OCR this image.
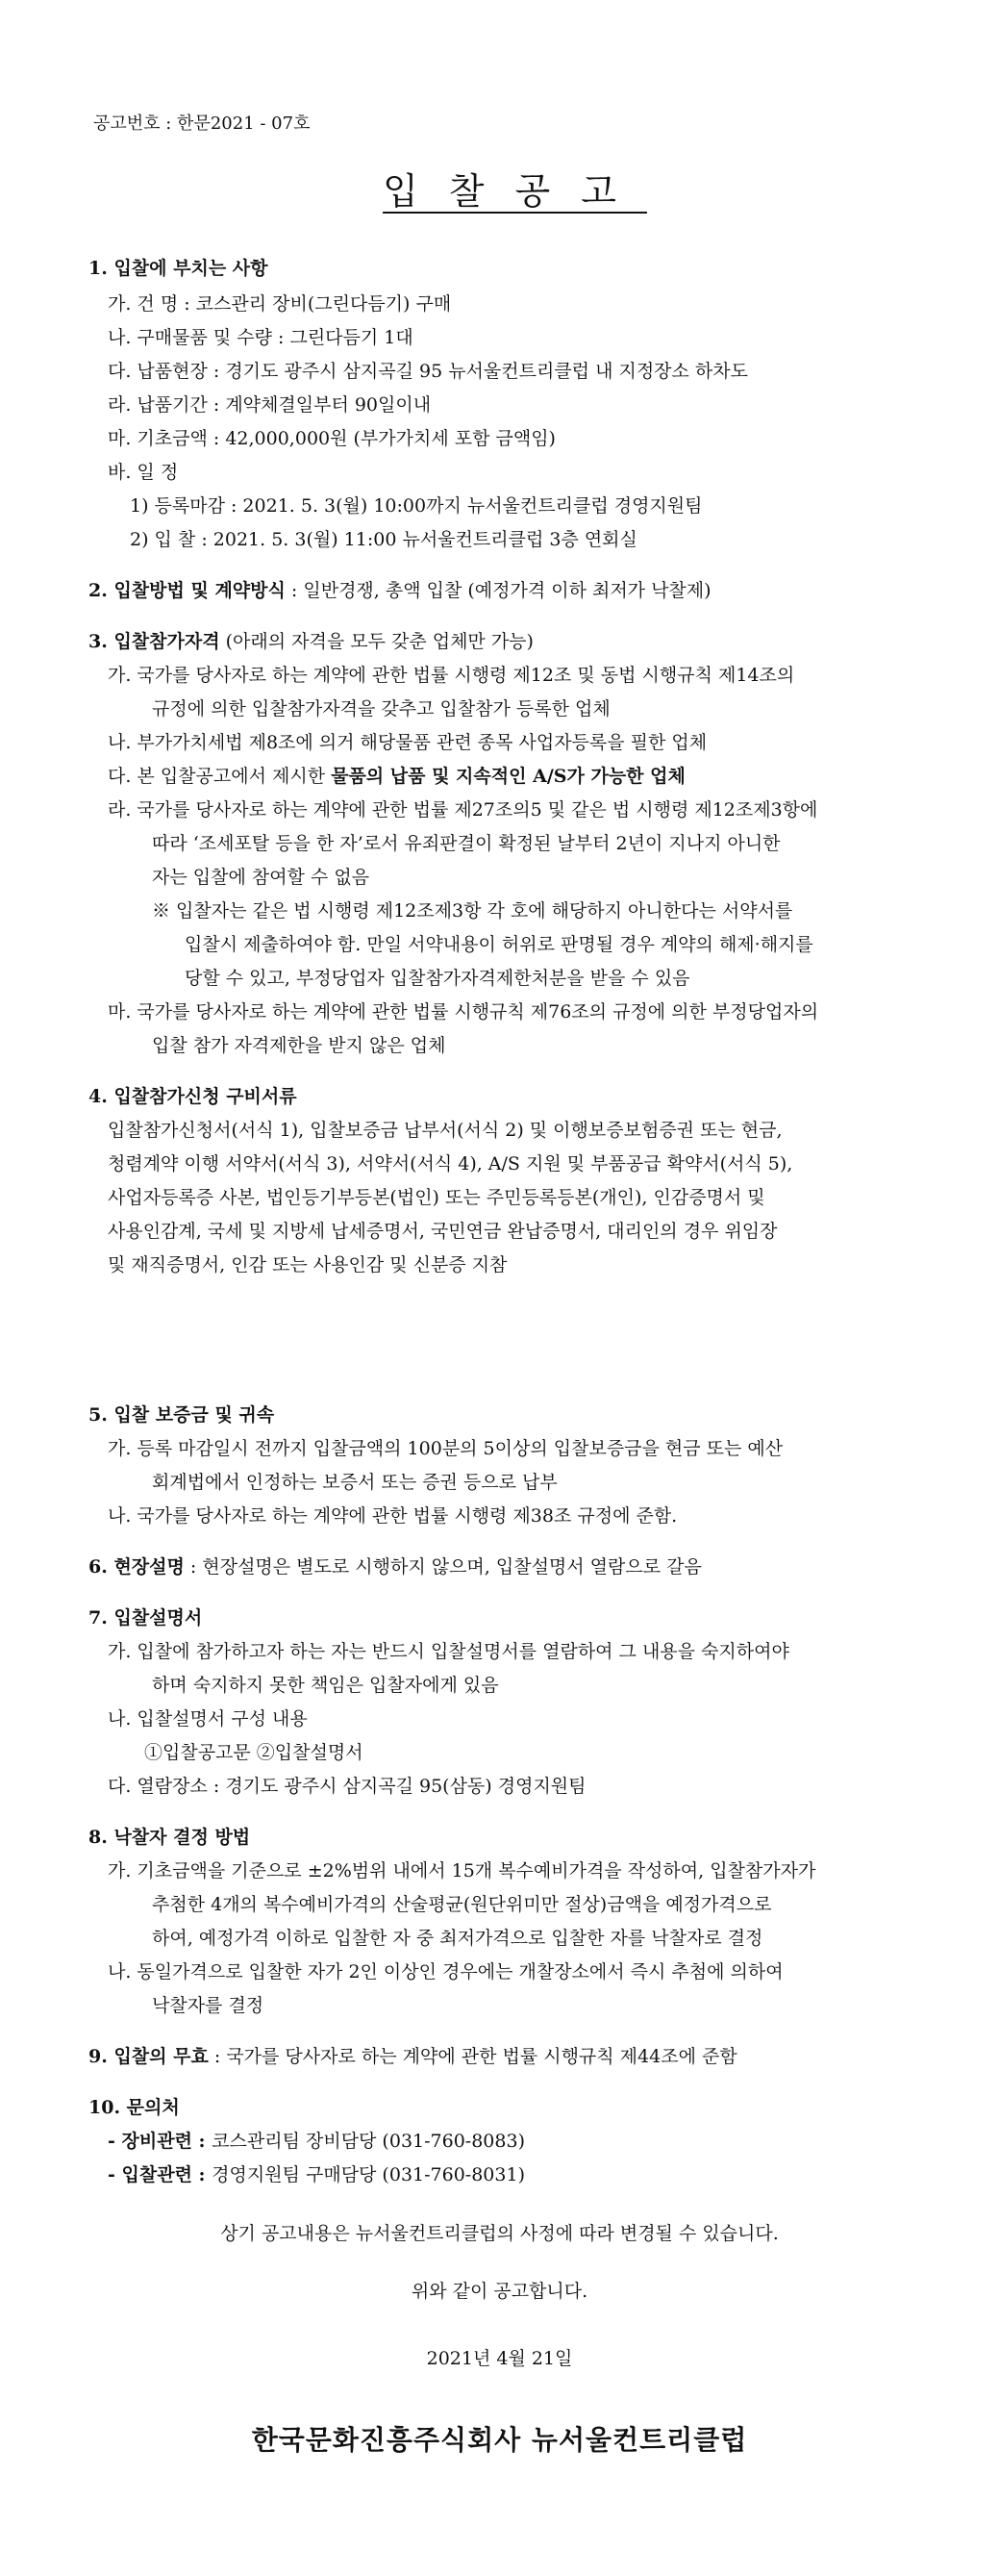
공고번호 : 한문2021 - 07호
입찰공고
1. 입찰에 부치는 사항
가. 건 명 : 코스관리 장비(그린다듬기) 구매
나. 구매물품 및 수량 : 그린다듬기 1대
다. 납품현장 : 경기도 광주시 삼지곡길 95 뉴서울컨트리클럽 내 지정장소 하차도
라. 납품기간 : 계약체결일부터 90일이내
마. 기초금액 : 42,000,000원 (부가가치세 포함 금액임)
바. 일 정
1) 등록마감 : 2021. 5. 3(월) 10:00까지 뉴서울컨트리클럽 경영지원팀
2) 입 찰 : 2021. 5. 3(월) 11:00 뉴서울컨트리클럽 3층 연회실
2. 입찰방법 및 계약방식 : 일반경쟁, 총액 입찰 (예정가격 이하 최저가 낙찰제)
3. 입찰참가자격 (아래의 자격을 모두 갖춘 업체만 가능)
가. 국가를 당사자로 하는 계약에 관한 법률 시행령 제12조 및 동법 시행규칙 제14조의
규정에 의한 입찰참가자격을 갖추고 입찰참가 등록한 업체
나. 부가가치세법 제8조에 의거 해당물품 관련 종목 사업자등록을 필한 업체
다. 본 입찰공고에서 제시한 물품의 납품 및 지속적인 A/S가 가능한 업체
라. 국가를 당사자로 하는 계약에 관한 법률 제27조의5 및 같은 법 시행령 제12조제3항에
따라 ‘조세포탈 등을 한 자’로서 유죄판결이 확정된 날부터 2년이 지나지 아니한
자는 입찰에 참여할 수 없음
※ 입찰자는 같은 법 시행령 제12조제3항 각 호에 해당하지 아니한다는 서약서를
입찰시 제출하여야 함. 만일 서약내용이 허위로 판명될 경우 계약의 해제·해지를
당할 수 있고, 부정당업자 입찰참가자격제한처분을 받을 수 있음
마. 국가를 당사자로 하는 계약에 관한 법률 시행규칙 제76조의 규정에 의한 부정당업자의
입찰 참가 자격제한을 받지 않은 업체
4. 입찰참가신청 구비서류
입찰참가신청서(서식 1), 입찰보증금 납부서(서식 2) 및 이행보증보험증권 또는 현금,
청렴계약 이행 서약서(서식 3), 서약서(서식 4), A/S 지원 및 부품공급 확약서(서식 5),
사업자등록증 사본, 법인등기부등본(법인) 또는 주민등록등본(개인), 인감증명서 및
사용인감계, 국세 및 지방세 납세증명서, 국민연금 완납증명서, 대리인의 경우 위임장
및 재직증명서, 인감 또는 사용인감 및 신분증 지참
5. 입찰 보증금 및 귀속
가. 등록 마감일시 전까지 입찰금액의 100분의 5이상의 입찰보증금을 현금 또는 예산
회계법에서 인정하는 보증서 또는 증권 등으로 납부
나. 국가를 당사자로 하는 계약에 관한 법률 시행령 제38조 규정에 준함.
6. 현장설명 : 현장설명은 별도로 시행하지 않으며, 입찰설명서 열람으로 갈음
7. 입찰설명서
가. 입찰에 참가하고자 하는 자는 반드시 입찰설명서를 열람하여 그 내용을 숙지하여야
하며 숙지하지 못한 책임은 입찰자에게 있음
나. 입찰설명서 구성 내용
①입찰공고문 ②입찰설명서
다. 열람장소 : 경기도 광주시 삼지곡길 95(삼동) 경영지원팀
8. 낙찰자 결정 방법
가. 기초금액을 기준으로 ±2%범위 내에서 15개 복수예비가격을 작성하여, 입찰참가자가
추첨한 4개의 복수예비가격의 산술평균(원단위미만 절상)금액을 예정가격으로
하여, 예정가격 이하로 입찰한 자 중 최저가격으로 입찰한 자를 낙찰자로 결정
나. 동일가격으로 입찰한 자가 2인 이상인 경우에는 개찰장소에서 즉시 추첨에 의하여
낙찰자를 결정
9. 입찰의 무효 : 국가를 당사자로 하는 계약에 관한 법률 시행규칙 제44조에 준함
10. 문의처
- 장비관련 : 코스관리팀 장비담당 (031-760-8083)
- 입찰관련 : 경영지원팀 구매담당 (031-760-8031)
상기 공고내용은 뉴서울컨트리클럽의 사정에 따라 변경될 수 있습니다.
위와 같이 공고합니다.
2021년 4월 21일
한국문화진흥주식회사 뉴서울컨트리클럽
